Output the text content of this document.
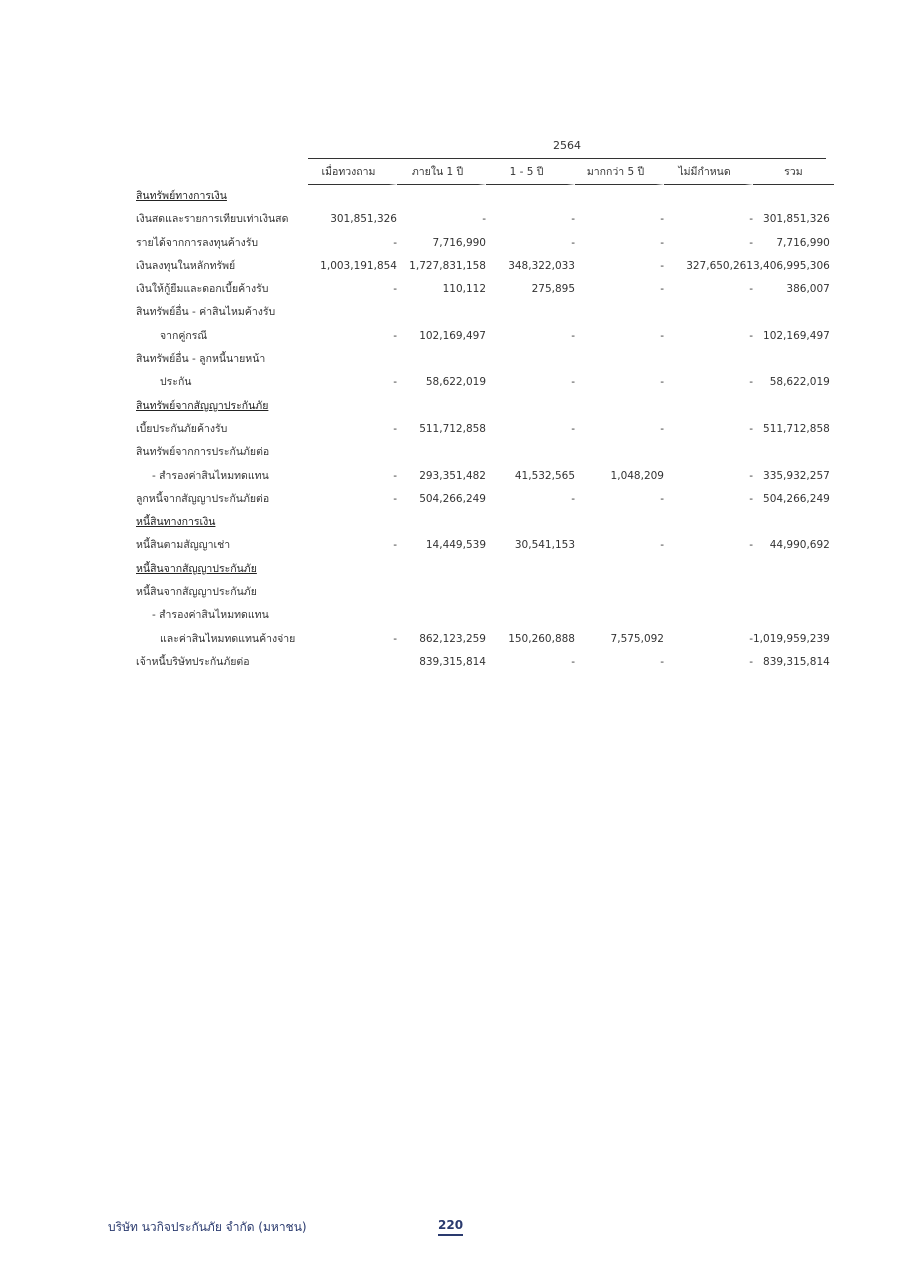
2564
	เมื่อทวงถาม	ภายใน 1 ปี	1 - 5 ปี	มากกว่า 5 ปี	ไม่มีกำหนด	รวม
สินทรัพย์ทางการเงิน						
เงินสดและรายการเทียบเท่าเงินสด	301,851,326	-	-	-	-	301,851,326
รายได้จากการลงทุนค้างรับ	-	7,716,990	-	-	-	7,716,990
เงินลงทุนในหลักทรัพย์	1,003,191,854	1,727,831,158	348,322,033	-	327,650,261	3,406,995,306
เงินให้กู้ยืมและดอกเบี้ยค้างรับ	-	110,112	275,895	-	-	386,007
สินทรัพย์อื่น - ค่าสินไหมค้างรับ						
จากคู่กรณี	-	102,169,497	-	-	-	102,169,497
สินทรัพย์อื่น - ลูกหนี้นายหน้า						
ประกัน	-	58,622,019	-	-	-	58,622,019
สินทรัพย์จากสัญญาประกันภัย						
เบี้ยประกันภัยค้างรับ	-	511,712,858	-	-	-	511,712,858
สินทรัพย์จากการประกันภัยต่อ						
- สำรองค่าสินไหมทดแทน	-	293,351,482	41,532,565	1,048,209	-	335,932,257
ลูกหนี้จากสัญญาประกันภัยต่อ	-	504,266,249	-	-	-	504,266,249
หนี้สินทางการเงิน						
หนี้สินตามสัญญาเช่า	-	14,449,539	30,541,153	-	-	44,990,692
หนี้สินจากสัญญาประกันภัย						
หนี้สินจากสัญญาประกันภัย						
- สำรองค่าสินไหมทดแทน						
และค่าสินไหมทดแทนค้างจ่าย	-	862,123,259	150,260,888	7,575,092	-	1,019,959,239
เจ้าหนี้บริษัทประกันภัยต่อ		839,315,814	-	-	-	839,315,814
บริษัท นวกิจประกันภัย จำกัด (มหาชน)	220
